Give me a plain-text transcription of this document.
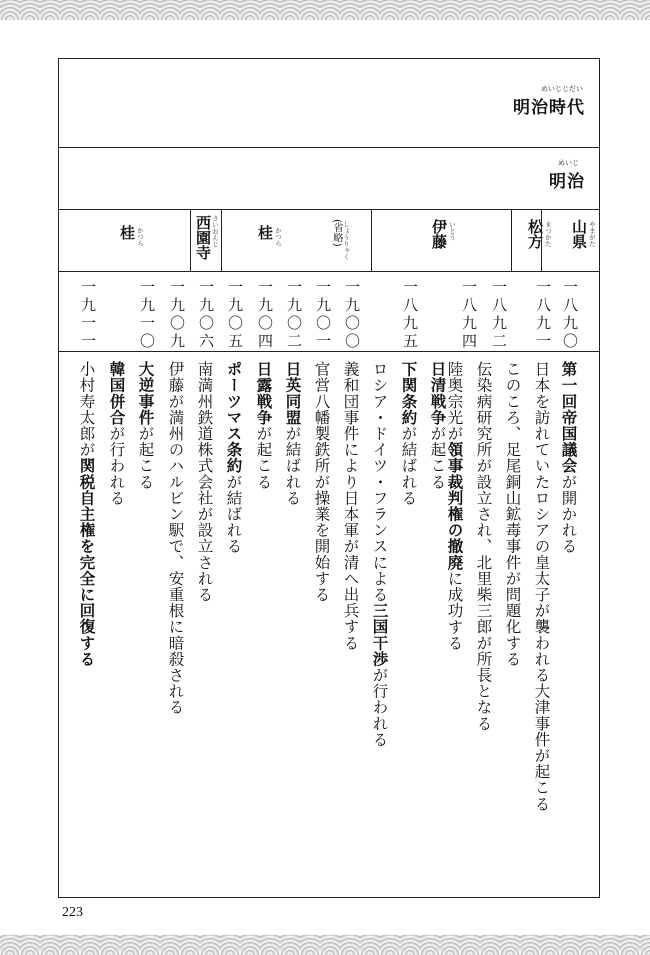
めいじじだい
明治時代
めいじ
明治
山県 やまがた
松方 まつかた
伊藤 いとう
(省略) しょうりゃく
桂 かつら
西園寺 さいおんじ
桂 かつら
一八九〇
一八九一
一八九二
一八九四
一八九五
一九〇〇
一九〇一
一九〇二
一九〇四
一九〇五
一九〇六
一九〇九
一九一〇
一九一一
第一回帝国議会が開かれる
日本を訪れていたロシアの皇太子が襲われる大津事件が起こる
このころ、足尾銅山鉱毒事件が問題化する
伝染病研究所が設立され、北里柴三郎が所長となる
陸奥宗光が領事裁判権の撤廃に成功する
日清戦争が起こる
下関条約が結ばれる
ロシア・ドイツ・フランスによる三国干渉が行われる
義和団事件により日本軍が清へ出兵する
官営八幡製鉄所が操業を開始する
日英同盟が結ばれる
日露戦争が起こる
ポーツマス条約が結ばれる
南満州鉄道株式会社が設立される
伊藤が満州のハルビン駅で、安重根に暗殺される
大逆事件が起こる
韓国併合が行われる
小村寿太郎が関税自主権を完全に回復する
223
